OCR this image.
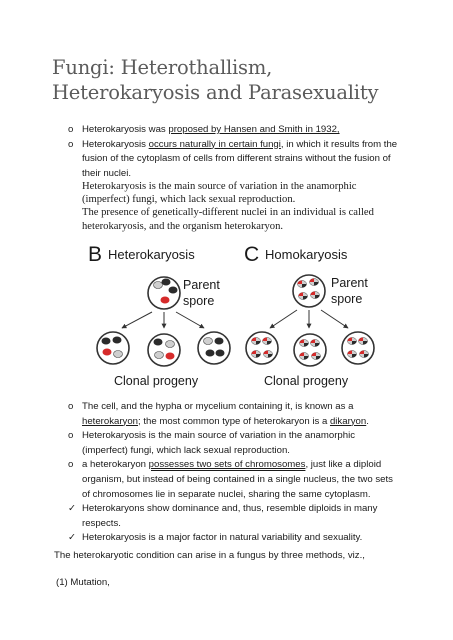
Fungi: Heterothallism, Heterokaryosis and Parasexuality
o Heterokaryosis was proposed by Hansen and Smith in 1932,
o Heterokaryosis occurs naturally in certain fungi, in which it results from the fusion of the cytoplasm of cells from different strains without the fusion of their nuclei.
Heterokaryosis is the main source of variation in the anamorphic (imperfect) fungi, which lack sexual reproduction.
The presence of genetically-different nuclei in an individual is called heterokaryosis, and the organism heterokaryon.
B Heterokaryosis C Homokaryosis
Parent spore
Parent spore
Clonal progeny	Clonal progeny
o The cell, and the hypha or mycelium containing it, is known as a heterokaryon; the most common type of heterokaryon is a dikaryon.
o Heterokaryosis is the main source of variation in the anamorphic (imperfect) fungi, which lack sexual reproduction.
o a heterokaryon possesses two sets of chromosomes, just like a diploid organism, but instead of being contained in a single nucleus, the two sets of chromosomes lie in separate nuclei, sharing the same cytoplasm.
✓ Heterokaryons show dominance and, thus, resemble diploids in many respects.
✓ Heterokaryosis is a major factor in natural variability and sexuality.
The heterokaryotic condition can arise in a fungus by three methods, viz.,
(1) Mutation,
